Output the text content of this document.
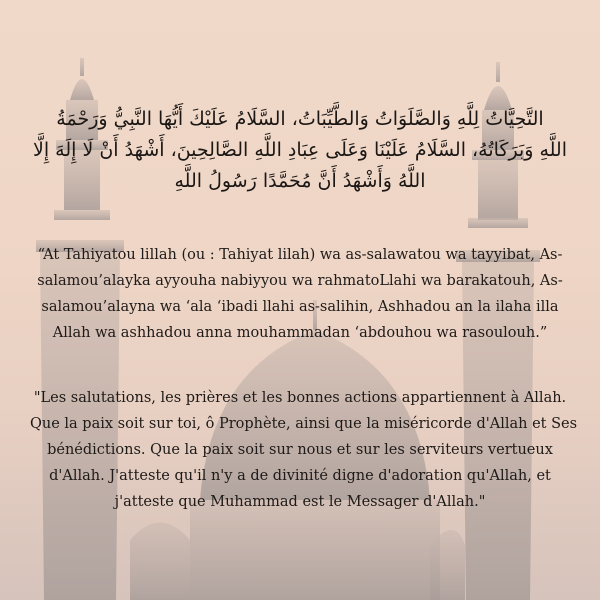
التَّحِيَّاتُ لِلَّهِ وَالصَّلَوَاتُ وَالطَّيِّبَاتُ، السَّلَامُ عَلَيْكَ أَيُّهَا النَّبِيُّ وَرَحْمَةُ
اللَّهِ وَبَرَكَاتُهُ، السَّلَامُ عَلَيْنَا وَعَلَى عِبَادِ اللَّهِ الصَّالِحِينَ، أَشْهَدُ أَنْ لَا إِلَهَ إِلَّا
اللَّهُ وَأَشْهَدُ أَنَّ مُحَمَّدًا رَسُولُ اللَّهِ
“At Tahiyatou lillah (ou : Tahiyat lilah) wa as-salawatou wa tayyibat, As-
salamou’alayka ayyouha nabiyyou wa rahmatoLlahi wa barakatouh, As-
salamou’alayna wa ‘ala ‘ibadi llahi as-salihin, Ashhadou an la ilaha illa
Allah wa ashhadou anna mouhammadan ‘abdouhou wa rasoulouh.”
"Les salutations, les prières et les bonnes actions appartiennent à Allah.
Que la paix soit sur toi, ô Prophète, ainsi que la miséricorde d'Allah et Ses
bénédictions. Que la paix soit sur nous et sur les serviteurs vertueux
d'Allah. J'atteste qu'il n'y a de divinité digne d'adoration qu'Allah, et
j'atteste que Muhammad est le Messager d'Allah."
